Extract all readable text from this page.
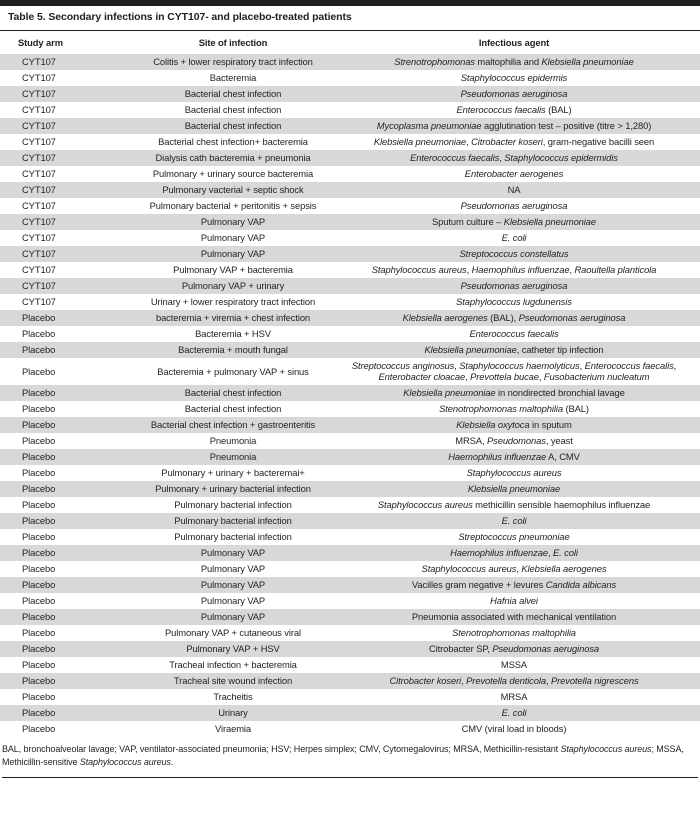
Table 5. Secondary infections in CYT107- and placebo-treated patients
Study arm	Site of infection	Infectious agent
CYT107	Colitis + lower respiratory tract infection	Strenotrophomonas maltophilia and Klebsiella pneumoniae
CYT107	Bacteremia	Staphylococcus epidermis
CYT107	Bacterial chest infection	Pseudomonas aeruginosa
CYT107	Bacterial chest infection	Enterococcus faecalis (BAL)
CYT107	Bacterial chest infection	Mycoplasma pneumoniae agglutination test – positive (titre > 1,280)
CYT107	Bacterial chest infection+ bacteremia	Klebsiella pneumoniae, Citrobacter koseri, gram-negative bacilli seen
CYT107	Dialysis cath bacteremia + pneumonia	Enterococcus faecalis, Staphylococcus epidermidis
CYT107	Pulmonary + urinary source bacteremia	Enterobacter aerogenes
CYT107	Pulmonary vacterial + septic shock	NA
CYT107	Pulmonary bacterial + peritonitis + sepsis	Pseudomonas aeruginosa
CYT107	Pulmonary VAP	Sputum culture – Klebsiella pneumoniae
CYT107	Pulmonary VAP	E. coli
CYT107	Pulmonary VAP	Streptococcus constellatus
CYT107	Pulmonary VAP + bacteremia	Staphylococcus aureus, Haemophilus influenzae, Raoultella planticola
CYT107	Pulmonary VAP + urinary	Pseudomonas aeruginosa
CYT107	Urinary + lower respiratory tract infection	Staphylococcus lugdunensis
Placebo	bacteremia + viremia + chest infection	Klebsiella aerogenes (BAL), Pseudomonas aeruginosa
Placebo	Bacteremia + HSV	Enterococcus faecalis
Placebo	Bacteremia + mouth fungal	Klebsiella pneumoniae, catheter tip infection
Placebo	Bacteremia + pulmonary VAP + sinus	Streptococcus anginosus, Staphylococcus haemolyticus, Enterococcus faecalis, Enterobacter cloacae, Prevottela bucae, Fusobacterium nucleatum
Placebo	Bacterial chest infection	Klebsiella pneumoniae in nondirected bronchial lavage
Placebo	Bacterial chest infection	Stenotrophomonas maltophilia (BAL)
Placebo	Bacterial chest infection + gastroenteritis	Klebsiella oxytoca in sputum
Placebo	Pneumonia	MRSA, Pseudomonas, yeast
Placebo	Pneumonia	Haemophilus influenzae A, CMV
Placebo	Pulmonary + urinary + bacteremai+	Staphylococcus aureus
Placebo	Pulmonary + urinary bacterial infection	Klebsiella pneumoniae
Placebo	Pulmonary bacterial infection	Staphylococcus aureus methicillin sensible haemophilus influenzae
Placebo	Pulmonary bacterial infection	E. coli
Placebo	Pulmonary bacterial infection	Streptococcus pneumoniae
Placebo	Pulmonary VAP	Haemophilus influenzae, E. coli
Placebo	Pulmonary VAP	Staphylococcus aureus, Klebsiella aerogenes
Placebo	Pulmonary VAP	Vacilles gram negative + levures Candida albicans
Placebo	Pulmonary VAP	Hafnia alvei
Placebo	Pulmonary VAP	Pneumonia associated with mechanical ventilation
Placebo	Pulmonary VAP + cutaneous viral	Stenotrophomonas maltophilia
Placebo	Pulmonary VAP + HSV	Citrobacter SP, Pseudomonas aeruginosa
Placebo	Tracheal infection + bacteremia	MSSA
Placebo	Tracheal site wound infection	Citrobacter koseri, Prevotella denticola, Prevotella nigrescens
Placebo	Tracheitis	MRSA
Placebo	Urinary	E. coli
Placebo	Viraemia	CMV (viral load in bloods)
BAL, bronchoalveolar lavage; VAP, ventilator-associated pneumonia; HSV; Herpes simplex; CMV, Cytomegalovirus; MRSA, Methicillin-resistant Staphylococcus aureus; MSSA, Methicillin-sensitive Staphylococcus aureus.
